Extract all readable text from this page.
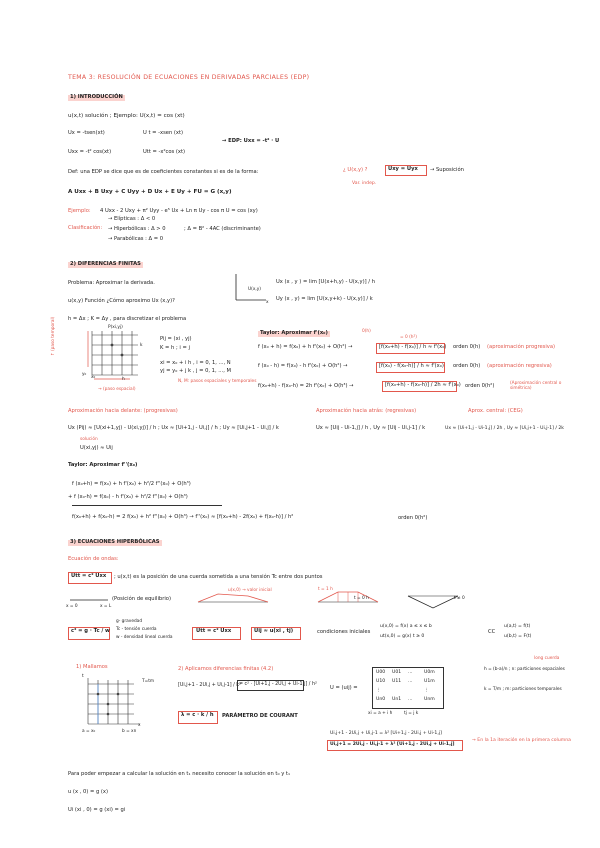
TEMA 3: RESOLUCIÓN DE ECUACIONES EN DERIVADAS PARCIALES (EDP)
1) INTRODUCCIÓN
u(x,t) solución ; Ejemplo: U(x,t) = cos (xt)
Ux = -tsen(xt)	U t = -xsen (xt)
Uxx = -t² cos(xt)	Utt = -x²cos (xt)
→ EDP: Uxx = -t² · U
Def: una EDP se dice que es de coeficientes constantes si es de la forma:	¿ U(x,y) ?	Uxy = Uyx → Suposición
Var. indep.
A Uxx + B Uxy + C Uyy + D Ux + E Uy + FU = G (x,y)
Ejemplo: 4 Uxx - 2 Uxy + π² Uyy - e⁵ Ux + Ln π Uy - cos π U = cos (xy)
Clasificación:
→ Elípticas : Δ < 0
→ Hiperbólicas : Δ > 0
→ Parabólicas : Δ = 0
; Δ = B² - 4AC (discriminante)
2) DIFERENCIAS FINITAS
Problema: Aproximar la derivada.
u(x,y) Función ¿Cómo aproximo Ux (x,y)?
U(x,y)
x
Ux (x , y ) = lim [U(x+h,y) - U(x,y)] / h
Uy (x , y) = lim [U(x,y+k) - U(x,y)] / k
h = Δx ; K = Δy , para discretizar el problema
P(xi,yj)
k
h
x₀
y₀
↑ (paso temporal)
→ (paso espacial)
Pij = (xi , yj)
K = h ; i = j
xi = x₀ + i h , i = 0, 1, ..., N
yj = y₀ + j k , j = 0, 1, ..., M
N, M: pasos espaciales y temporales
Taylor: Aproximar f'(x₀)	0(h)
= 0 (h²)
f (x₀ + h) = f(x₀) + h f'(x₀) + O(h²) →	[f(x₀+h) - f(x₀)] / h ≈ f'(x₀) orden 0(h) (aproximación progresiva)
f (x₀ - h) = f(x₀) - h f'(x₀) + O(h²) →	[f(x₀) - f(x₀-h)] / h ≈ f'(x₀) orden 0(h) (aproximación regresiva)
f(x₀+h) - f(x₀-h) = 2h f'(x₀) + O(h³) →	[f(x₀+h) - f(x₀-h)] / 2h ≈ f'(x₀) orden 0(h²)	(Aproximación central o simétrica)
Aproximación hacia delante: (progresivas)
Ux (Pij) ≈ [U(xi+1,yj) - U(xi,yj)] / h ; Ux ≈ [Ui+1,j - Ui,j] / h ; Uy ≈ [Ui,j+1 - Ui,j] / k
solución
U(xi,yj) ≈ Uij
Aproximación hacia atrás: (regresivas)
Ux ≈ [Uij - Ui-1,j] / h , Uy ≈ [Uij - Ui,j-1] / k
Aprox. central: (CEG)
Ux ≈ [Ui+1,j - Ui-1,j] / 2h , Uy ≈ [Ui,j+1 - Ui,j-1] / 2k
Taylor: Aproximar f''(x₀)
f (x₀+h) = f(x₀) + h f'(x₀) + h²/2 f''(x₀) + O(h³)
+ f (x₀-h) = f(x₀) - h f'(x₀) + h²/2 f''(x₀) + O(h³)
f(x₀+h) + f(x₀-h) = 2 f(x₀) + h² f''(x₀) + O(h³) → f''(x₀) ≈ [f(x₀+h) - 2f(x₀) + f(x₀-h)] / h²	orden 0(h²)
3) ECUACIONES HIPERBÓLICAS
Ecuación de ondas:
Utt = c² Uxx ; u(x,t) es la posición de una cuerda sometida a una tensión Tc entre dos puntos
(Posición de equilibrio)
u(x,0) → valor inicial
x = 0	x = L
t = 0 h
t = 1 h
t ≠ 0
c² = g · Tc / w
g- gravedad
Tc - tensión cuerda
w - densidad lineal cuerda
Utt = c² Uxx	Uij ≈ u(xi , tj)	condiciones iniciales
u(x,0) = f(x) a ≤ x ≤ b
ut(x,0) = g(x) t ≥ 0
CC
u(a,t) = f(t)
u(b,t) = F(t)
1) Mallamos
t
x
a = x₀	b = xn
T=tm
2) Aplicamos diferencias finitas (4.2)
[Ui,j+1 - 2Ui,j + Ui,j-1] / k²
= c² · [Ui+1,j - 2Ui,j + Ui-1,j] / h²
λ = c · k / h PARÁMETRO DE COURANT
U = (uij) =
U00 U01 ...	U0m
U10 U11 ...	U1m
⋮	⋮
Un0 Un1 ...	Unm
xi = a + i h	tj = j k
long cuerda
h = (b-a)/n ; n: particiones espaciales
k = T/m ; m: particiones temporales
Ui,j+1 - 2Ui,j + Ui,j-1 = λ² [Ui+1,j - 2Ui,j + Ui-1,j]
Ui,j+1 = 2Ui,j - Ui,j-1 + λ² [Ui+1,j - 2Ui,j + Ui-1,j]
→ En la 1a iteración en la primera columna
Para poder empezar a calcular la solución en t₁ necesito conocer la solución en t₀ y t₁
u (x , 0) = g (x)
Ui (xi , 0) = g (xi) = gi
